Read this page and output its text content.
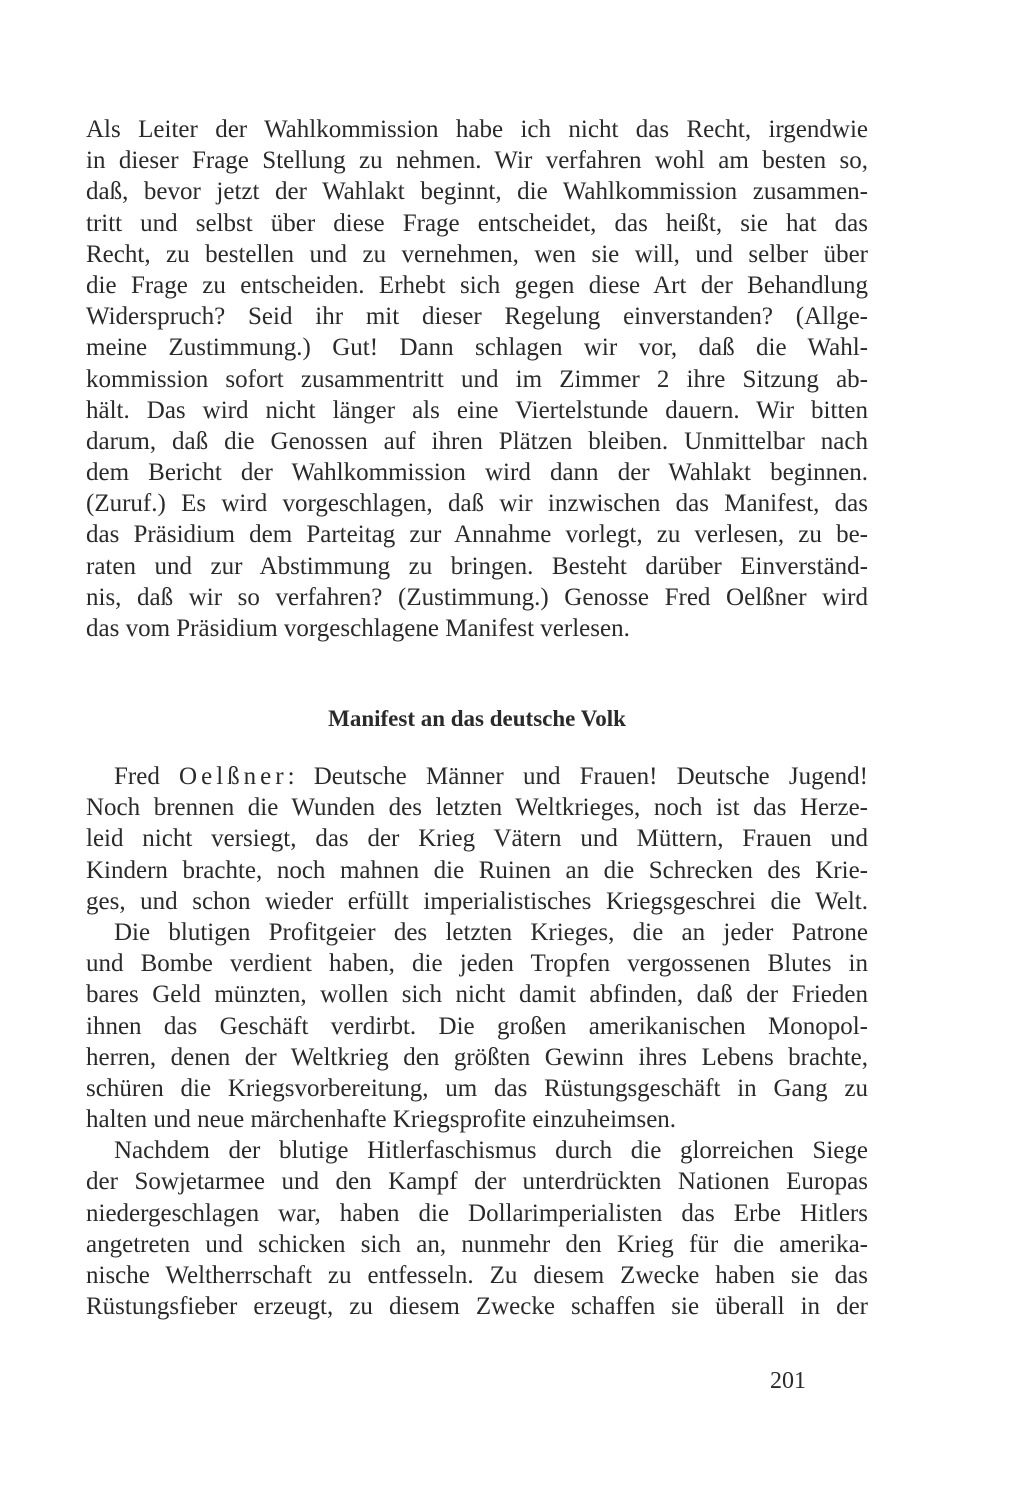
Als Leiter der Wahlkommission habe ich nicht das Recht, irgendwie
in dieser Frage Stellung zu nehmen. Wir verfahren wohl am besten so,
daß, bevor jetzt der Wahlakt beginnt, die Wahlkommission zusammen-
tritt und selbst über diese Frage entscheidet, das heißt, sie hat das
Recht, zu bestellen und zu vernehmen, wen sie will, und selber über
die Frage zu entscheiden. Erhebt sich gegen diese Art der Behandlung
Widerspruch? Seid ihr mit dieser Regelung einverstanden? (Allge-
meine Zustimmung.) Gut! Dann schlagen wir vor, daß die Wahl-
kommission sofort zusammentritt und im Zimmer 2 ihre Sitzung ab-
hält. Das wird nicht länger als eine Viertelstunde dauern. Wir bitten
darum, daß die Genossen auf ihren Plätzen bleiben. Unmittelbar nach
dem Bericht der Wahlkommission wird dann der Wahlakt beginnen.
(Zuruf.) Es wird vorgeschlagen, daß wir inzwischen das Manifest, das
das Präsidium dem Parteitag zur Annahme vorlegt, zu verlesen, zu be-
raten und zur Abstimmung zu bringen. Besteht darüber Einverständ-
nis, daß wir so verfahren? (Zustimmung.) Genosse Fred Oelßner wird
das vom Präsidium vorgeschlagene Manifest verlesen.
Manifest an das deutsche Volk
Fred Oelßner: Deutsche Männer und Frauen! Deutsche Jugend!
Noch brennen die Wunden des letzten Weltkrieges, noch ist das Herze-
leid nicht versiegt, das der Krieg Vätern und Müttern, Frauen und
Kindern brachte, noch mahnen die Ruinen an die Schrecken des Krie-
ges, und schon wieder erfüllt imperialistisches Kriegsgeschrei die Welt.
Die blutigen Profitgeier des letzten Krieges, die an jeder Patrone
und Bombe verdient haben, die jeden Tropfen vergossenen Blutes in
bares Geld münzten, wollen sich nicht damit abfinden, daß der Frieden
ihnen das Geschäft verdirbt. Die großen amerikanischen Monopol-
herren, denen der Weltkrieg den größten Gewinn ihres Lebens brachte,
schüren die Kriegsvorbereitung, um das Rüstungsgeschäft in Gang zu
halten und neue märchenhafte Kriegsprofite einzuheimsen.
Nachdem der blutige Hitlerfaschismus durch die glorreichen Siege
der Sowjetarmee und den Kampf der unterdrückten Nationen Europas
niedergeschlagen war, haben die Dollarimperialisten das Erbe Hitlers
angetreten und schicken sich an, nunmehr den Krieg für die amerika-
nische Weltherrschaft zu entfesseln. Zu diesem Zwecke haben sie das
Rüstungsfieber erzeugt, zu diesem Zwecke schaffen sie überall in der
201
